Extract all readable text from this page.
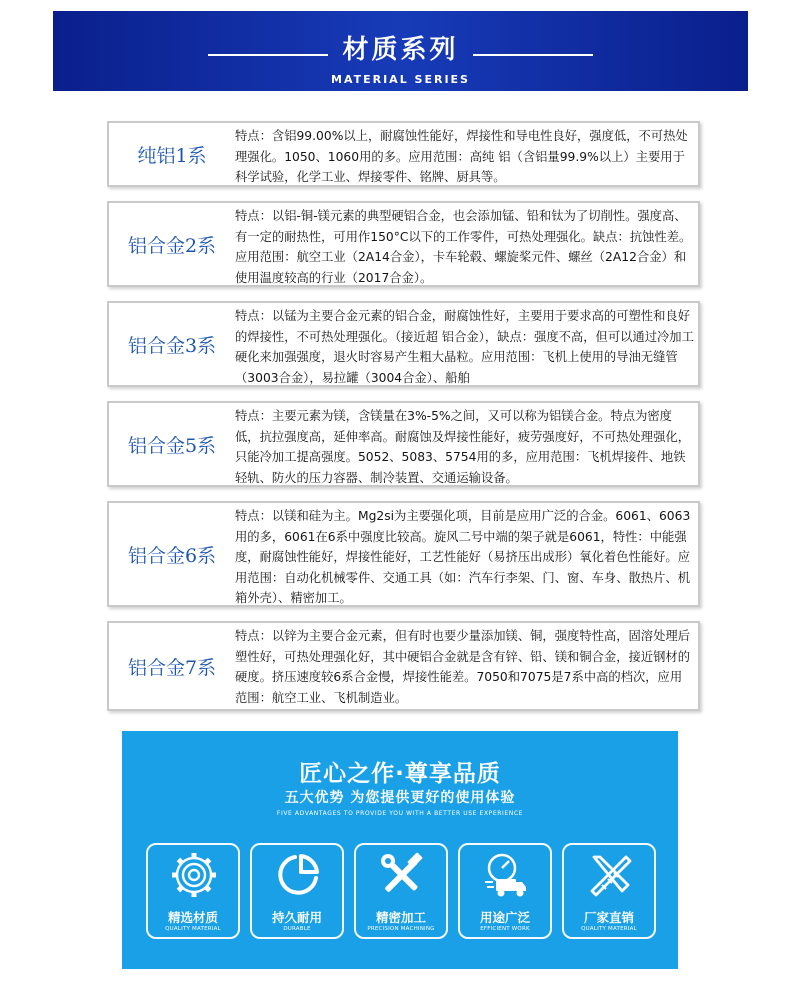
材质系列
MATERIAL SERIES
纯铝1系
特点：含铝99.00%以上，耐腐蚀性能好，焊接性和导电性良好，强度低，不可热处理强化。1050、1060用的多。应用范围：高纯 铝（含铝量99.9%以上）主要用于科学试验，化学工业、焊接零件、铭牌、厨具等。
铝合金2系
特点：以铝-铜-镁元素的典型硬铝合金，也会添加锰、铅和钛为了切削性。强度高、有一定的耐热性，可用作150°C以下的工作零件，可热处理强化。缺点：抗蚀性差。应用范围：航空工业（2A14合金），卡车轮毂、螺旋桨元件、螺丝（2A12合金）和使用温度较高的行业（2017合金）。
铝合金3系
特点：以锰为主要合金元素的铝合金，耐腐蚀性好，主要用于要求高的可塑性和良好的焊接性，不可热处理强化。（接近超 铝合金），缺点：强度不高，但可以通过冷加工硬化来加强强度，退火时容易产生粗大晶粒。应用范围：飞机上使用的导油无缝管（3003合金），易拉罐（3004合金）、船舶
铝合金5系
特点：主要元素为镁，含镁量在3%-5%之间，又可以称为铝镁合金。特点为密度低，抗拉强度高，延伸率高。耐腐蚀及焊接性能好，疲劳强度好，不可热处理强化，只能冷加工提高强度。5052、5083、5754用的多，应用范围：飞机焊接件、地铁轻轨、防火的压力容器、制冷装置、交通运输设备。
铝合金6系
特点：以镁和硅为主。Mg2si为主要强化项，目前是应用广泛的合金。6061、6063用的多，6061在6系中强度比较高。旋风二号中端的架子就是6061，特性：中能强度，耐腐蚀性能好，焊接性能好，工艺性能好（易挤压出成形）氧化着色性能好。应用范围：自动化机械零件、交通工具（如：汽车行李架、门、窗、车身、散热片、机箱外壳）、精密加工。
铝合金7系
特点：以锌为主要合金元素，但有时也要少量添加镁、铜，强度特性高，固溶处理后塑性好，可热处理强化好，其中硬铝合金就是含有锌、铅、镁和铜合金，接近钢材的硬度。挤压速度较6系合金慢，焊接性能差。7050和7075是7系中高的档次，应用范围：航空工业、飞机制造业。
匠心之作·尊享品质
五大优势 为您提供更好的使用体验
FIVE ADVANTAGES TO PROVIDE YOU WITH A BETTER USE EXPERIENCE
精选材质
QUALITY MATERIAL
持久耐用
DURABLE
精密加工
PRECISION MACHINING
用途广泛
EFFICIENT WORK
厂家直销
QUALITY MATERIAL
